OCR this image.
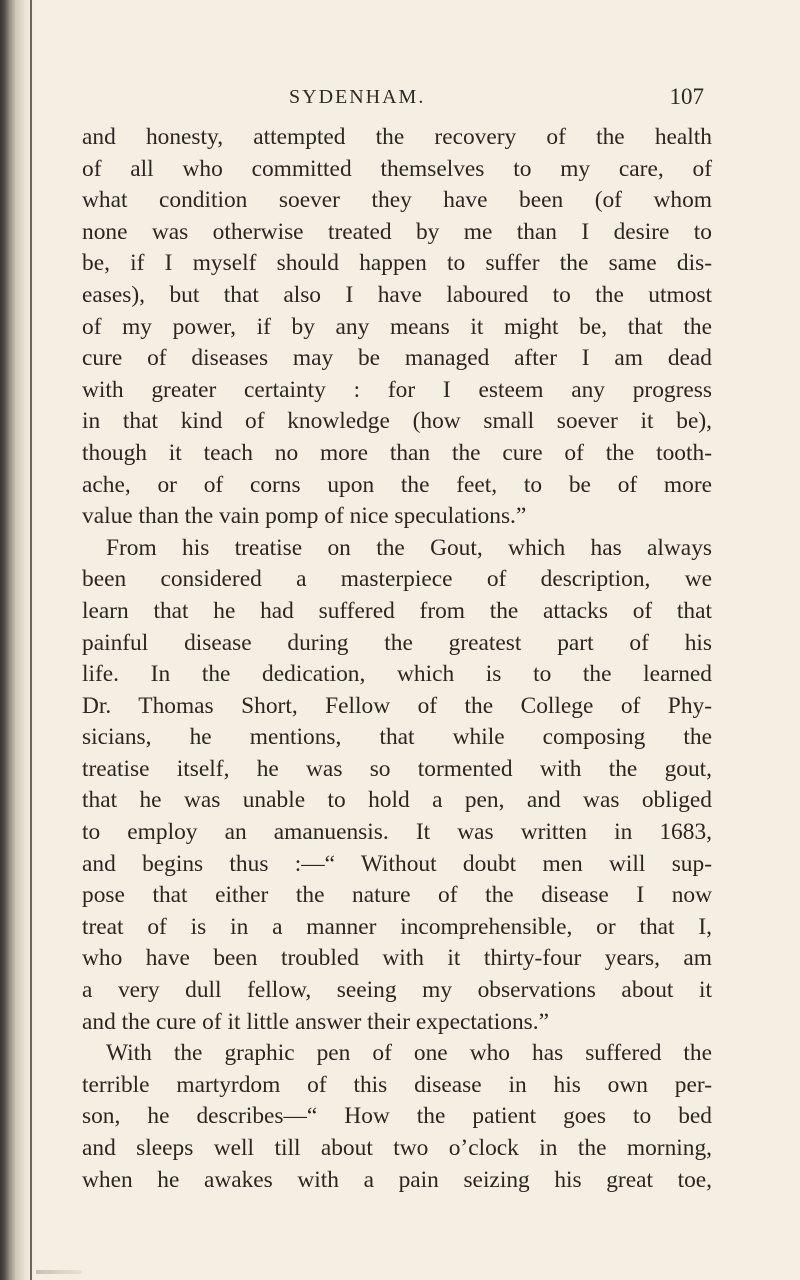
SYDENHAM.	107
and honesty, attempted the recovery of the health
of all who committed themselves to my care, of
what condition soever they have been (of whom
none was otherwise treated by me than I desire to
be, if I myself should happen to suffer the same dis-
eases), but that also I have laboured to the utmost
of my power, if by any means it might be, that the
cure of diseases may be managed after I am dead
with greater certainty : for I esteem any progress
in that kind of knowledge (how small soever it be),
though it teach no more than the cure of the tooth-
ache, or of corns upon the feet, to be of more
value than the vain pomp of nice speculations.”
From his treatise on the Gout, which has always
been considered a masterpiece of description, we
learn that he had suffered from the attacks of that
painful disease during the greatest part of his
life. In the dedication, which is to the learned
Dr. Thomas Short, Fellow of the College of Phy-
sicians, he mentions, that while composing the
treatise itself, he was so tormented with the gout,
that he was unable to hold a pen, and was obliged
to employ an amanuensis. It was written in 1683,
and begins thus :—“ Without doubt men will sup-
pose that either the nature of the disease I now
treat of is in a manner incomprehensible, or that I,
who have been troubled with it thirty-four years, am
a very dull fellow, seeing my observations about it
and the cure of it little answer their expectations.”
With the graphic pen of one who has suffered the
terrible martyrdom of this disease in his own per-
son, he describes—“ How the patient goes to bed
and sleeps well till about two o’clock in the morning,
when he awakes with a pain seizing his great toe,
